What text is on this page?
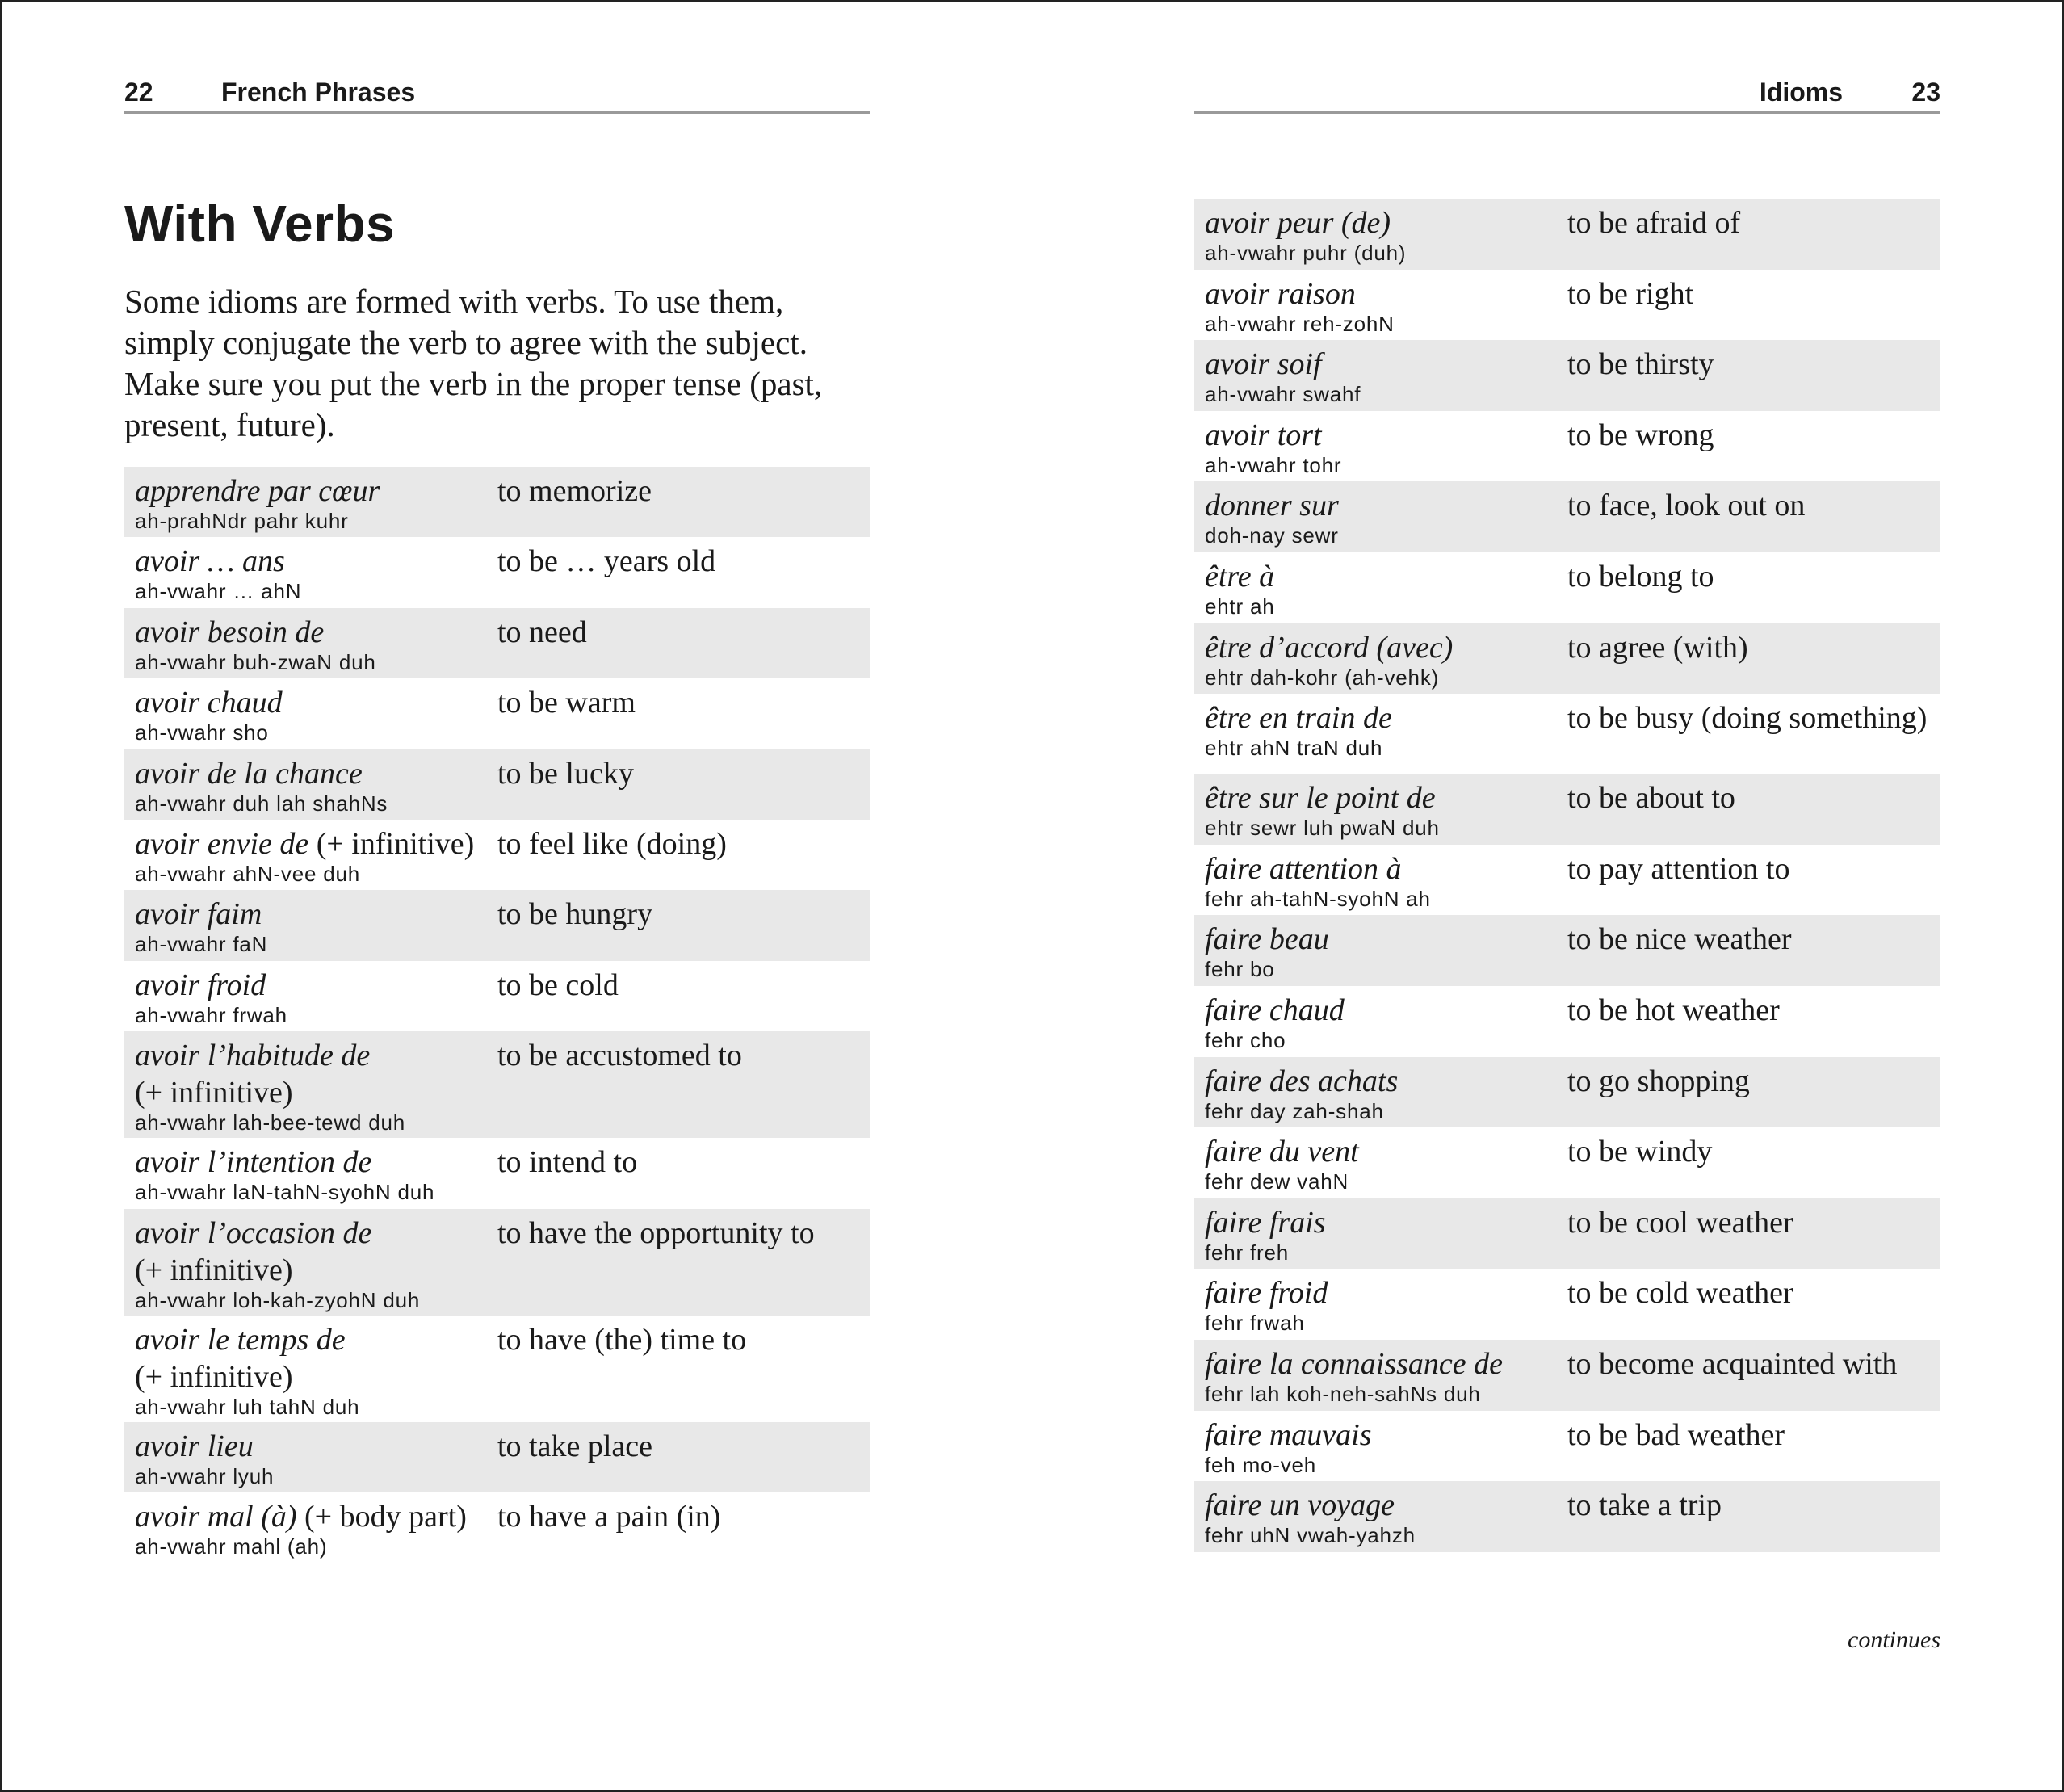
22	French Phrases
With Verbs

Some idioms are formed with verbs. To use them, simply conjugate the verb to agree with the subject. Make sure you put the verb in the proper tense (past, present, future).

apprendre par cœur
ah-prahNdr pahr kuhr
to memorize
avoir … ans
ah-vwahr … ahN
to be … years old
avoir besoin de
ah-vwahr buh-zwaN duh
to need
avoir chaud
ah-vwahr sho
to be warm
avoir de la chance
ah-vwahr duh lah shahNs
to be lucky
avoir envie de (+ infinitive)
ah-vwahr ahN-vee duh
to feel like (doing)
avoir faim
ah-vwahr faN
to be hungry
avoir froid
ah-vwahr frwah
to be cold
avoir l’habitude de
(+ infinitive)
ah-vwahr lah-bee-tewd duh
to be accustomed to
avoir l’intention de
ah-vwahr laN-tahN-syohN duh
to intend to
avoir l’occasion de
(+ infinitive)
ah-vwahr loh-kah-zyohN duh
to have the opportunity to
avoir le temps de
(+ infinitive)
ah-vwahr luh tahN duh
to have (the) time to
avoir lieu
ah-vwahr lyuh
to take place
avoir mal (à) (+ body part)
ah-vwahr mahl (ah)
to have a pain (in)
Idioms	23
avoir peur (de)
ah-vwahr puhr (duh)
to be afraid of
avoir raison
ah-vwahr reh-zohN
to be right
avoir soif
ah-vwahr swahf
to be thirsty
avoir tort
ah-vwahr tohr
to be wrong
donner sur
doh-nay sewr
to face, look out on
être à
ehtr ah
to belong to
être d’accord (avec)
ehtr dah-kohr (ah-vehk)
to agree (with)
être en train de
ehtr ahN traN duh
to be busy (doing something)
être sur le point de
ehtr sewr luh pwaN duh
to be about to
faire attention à
fehr ah-tahN-syohN ah
to pay attention to
faire beau
fehr bo
to be nice weather
faire chaud
fehr cho
to be hot weather
faire des achats
fehr day zah-shah
to go shopping
faire du vent
fehr dew vahN
to be windy
faire frais
fehr freh
to be cool weather
faire froid
fehr frwah
to be cold weather
faire la connaissance de
fehr lah koh-neh-sahNs duh
to become acquainted with
faire mauvais
feh mo-veh
to be bad weather
faire un voyage
fehr uhN vwah-yahzh
to take a trip
continues
